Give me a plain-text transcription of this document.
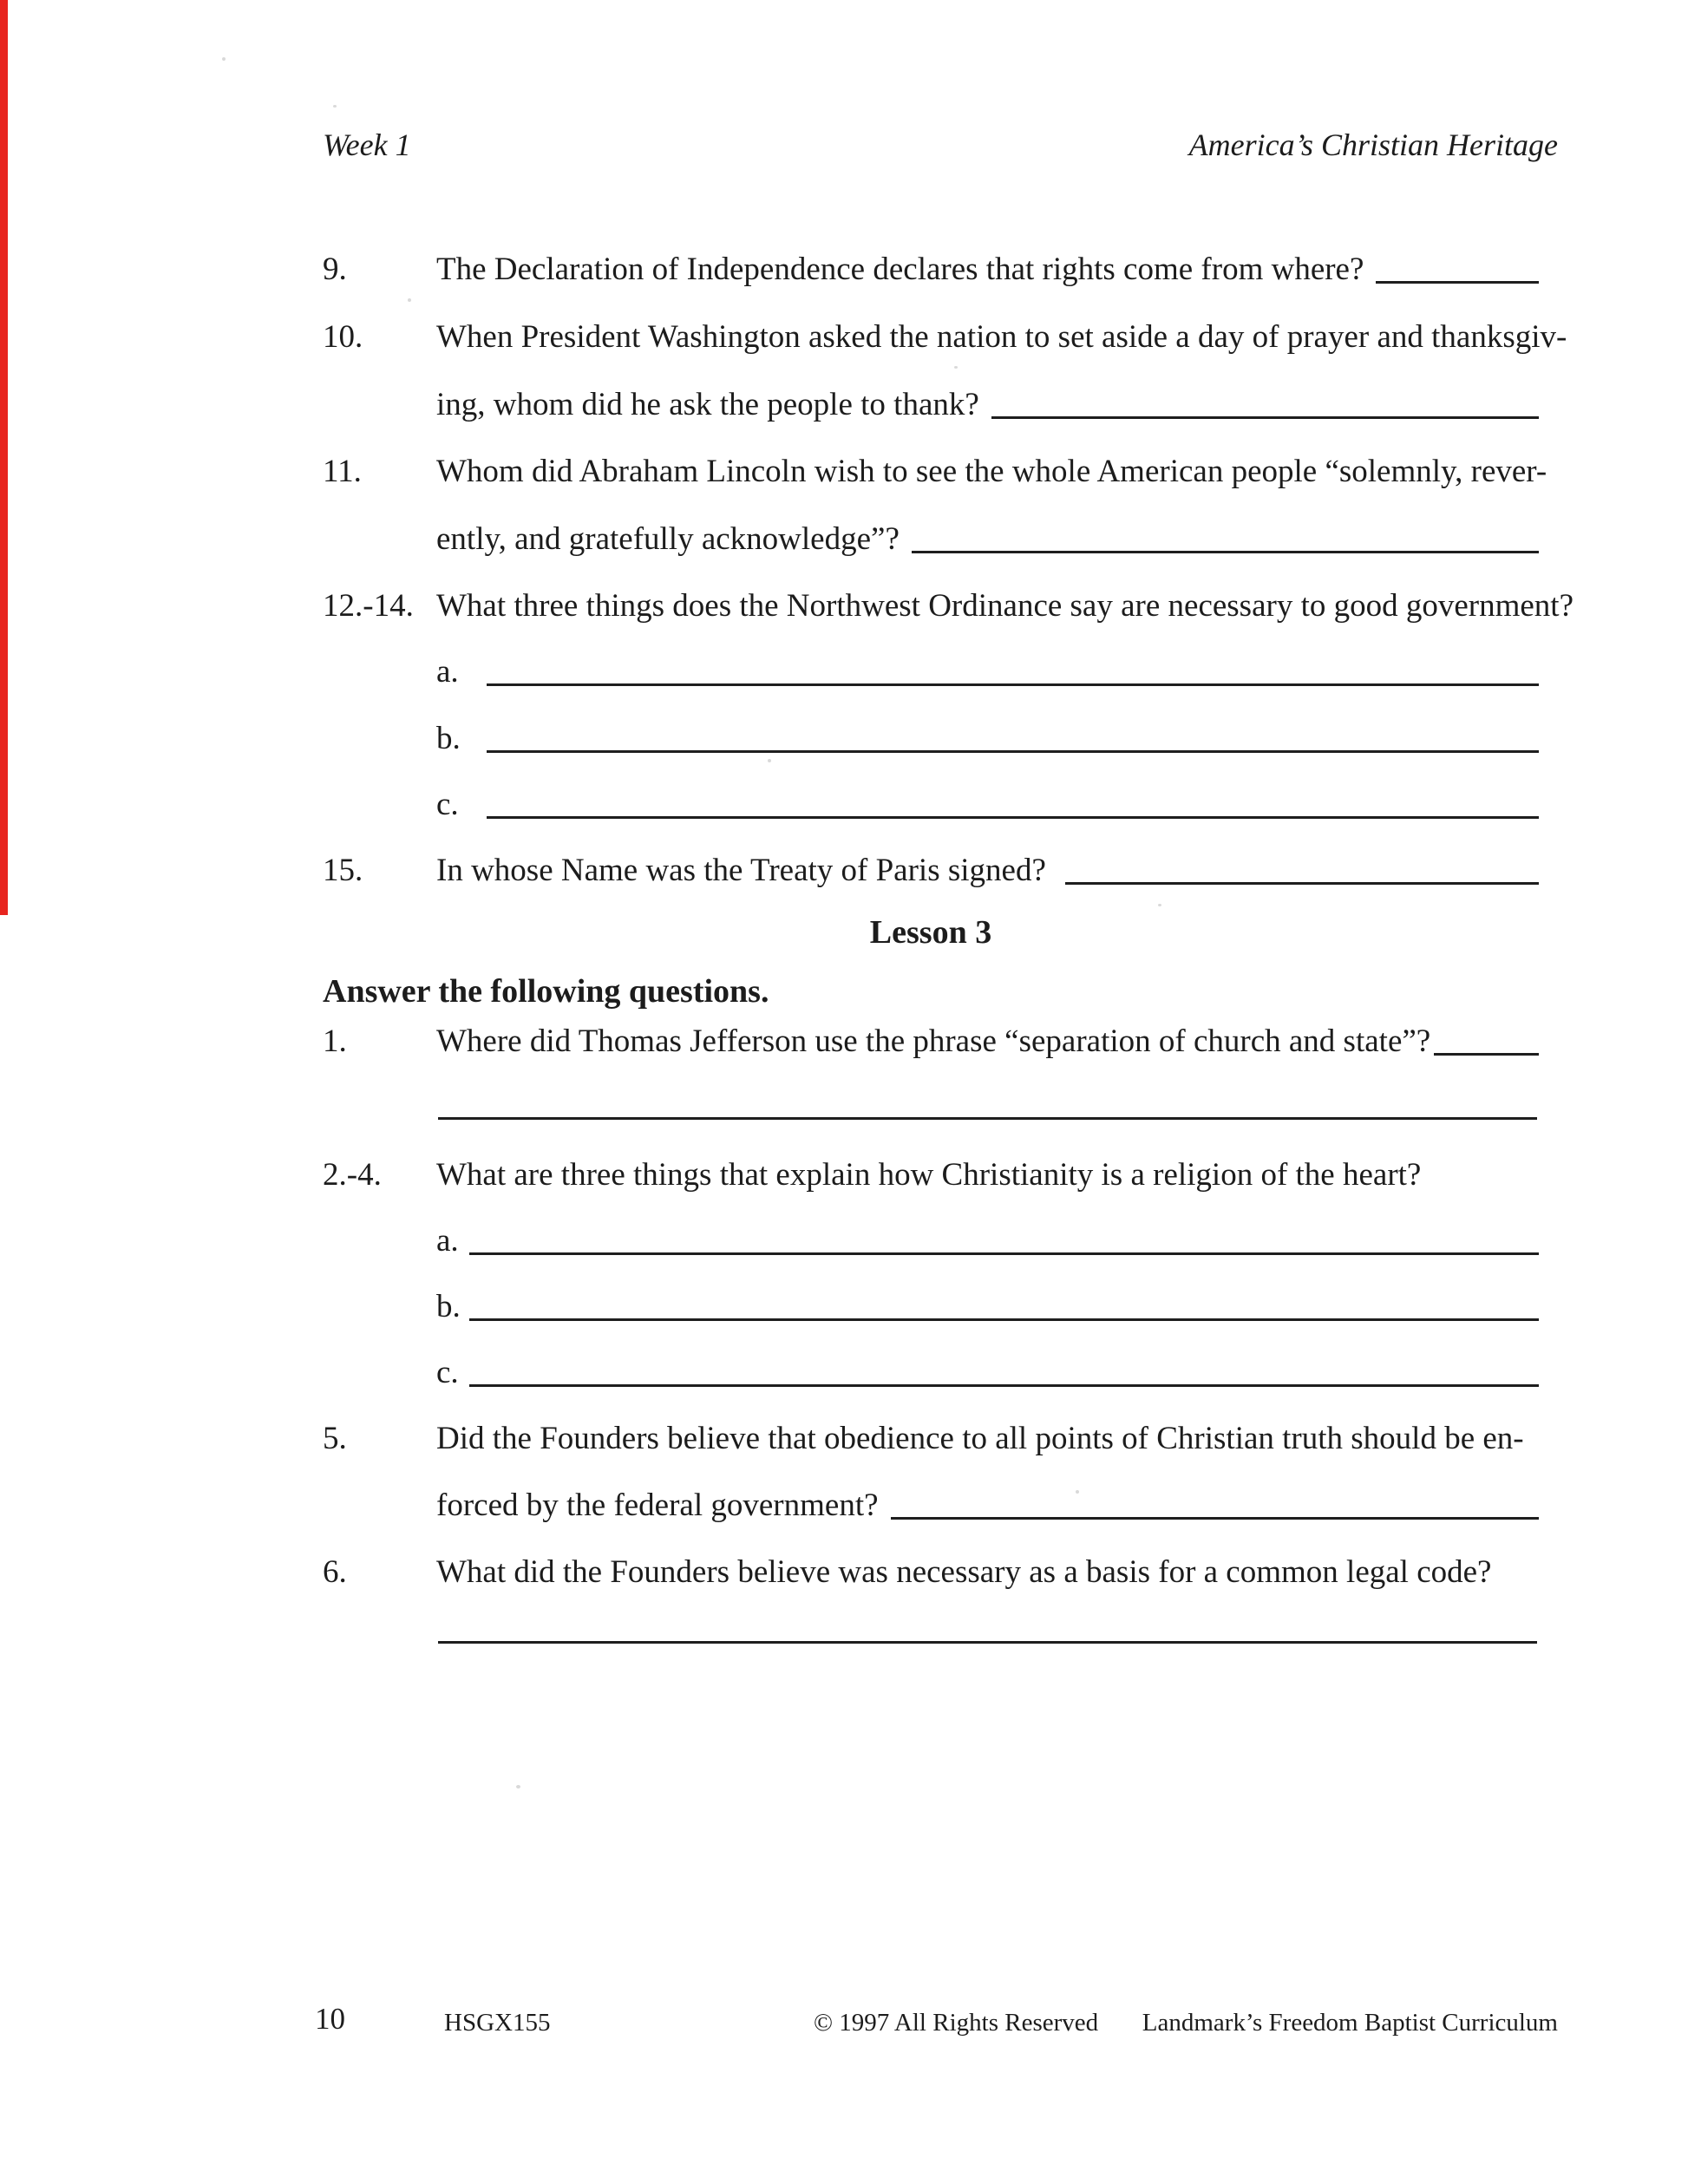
Week 1	America’s Christian Heritage
9.	The Declaration of Independence declares that rights come from where?
10.	When President Washington asked the nation to set aside a day of prayer and thanksgiv-
ing, whom did he ask the people to thank?
11.	Whom did Abraham Lincoln wish to see the whole American people “solemnly, rever-
ently, and gratefully acknowledge”?
12.-14. What three things does the Northwest Ordinance say are necessary to good government?
a.
b.
c.
15.	In whose Name was the Treaty of Paris signed?
Lesson 3
Answer the following questions.
1.	Where did Thomas Jefferson use the phrase “separation of church and state”?
2.-4.	What are three things that explain how Christianity is a religion of the heart?
a.
b.
c.
5.	Did the Founders believe that obedience to all points of Christian truth should be en-
forced by the federal government?
6.	What did the Founders believe was necessary as a basis for a common legal code?
10	HSGX155	© 1997 All Rights Reserved Landmark’s Freedom Baptist Curriculum
